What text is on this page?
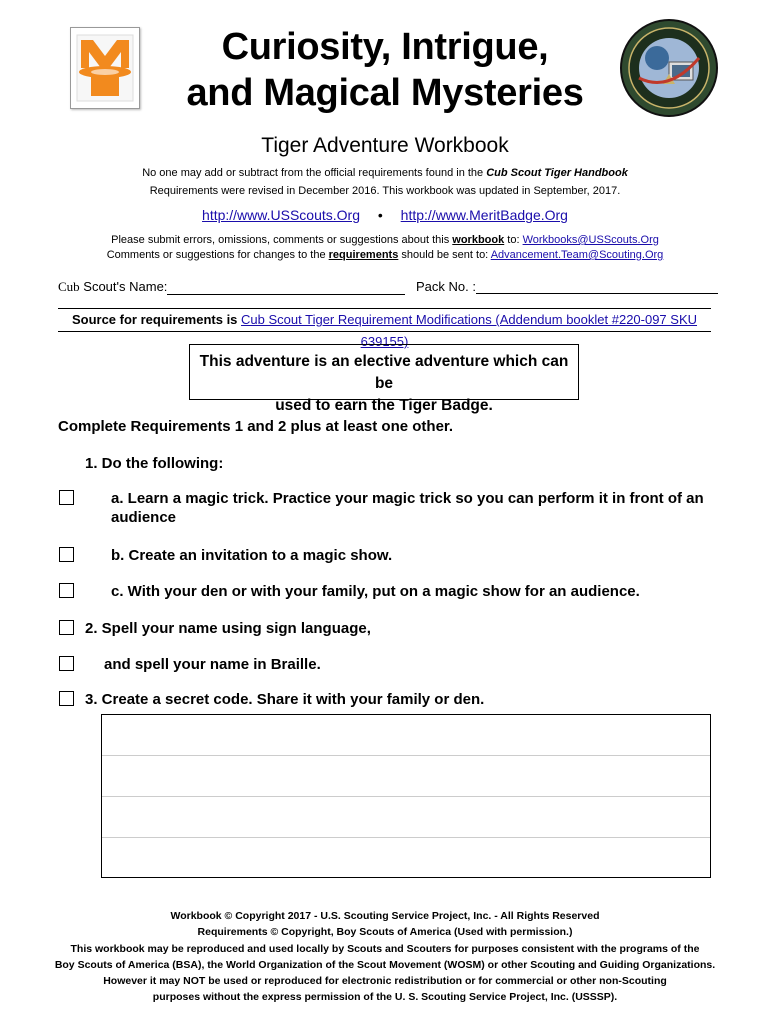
Curiosity, Intrigue,
and Magical Mysteries
Tiger Adventure Workbook
No one may add or subtract from the official requirements found in the Cub Scout Tiger Handbook
Requirements were revised in December 2016. This workbook was updated in September, 2017.
http://www.USScouts.Org • http://www.MeritBadge.Org
Please submit errors, omissions, comments or suggestions about this workbook to: Workbooks@USScouts.Org
Comments or suggestions for changes to the requirements should be sent to: Advancement.Team@Scouting.Org
Cub Scout's Name:	Pack No. :
Source for requirements is Cub Scout Tiger Requirement Modifications (Addendum booklet #220-097 SKU 639155)
This adventure is an elective adventure which can be
used to earn the Tiger Badge.
Complete Requirements 1 and 2 plus at least one other.
1. Do the following:
a. Learn a magic trick. Practice your magic trick so you can perform it in front of an
audience
b. Create an invitation to a magic show.
c. With your den or with your family, put on a magic show for an audience.
2. Spell your name using sign language,
and spell your name in Braille.
3. Create a secret code. Share it with your family or den.
Workbook © Copyright 2017 - U.S. Scouting Service Project, Inc. - All Rights Reserved
Requirements © Copyright, Boy Scouts of America (Used with permission.)
This workbook may be reproduced and used locally by Scouts and Scouters for purposes consistent with the programs of the
Boy Scouts of America (BSA), the World Organization of the Scout Movement (WOSM) or other Scouting and Guiding Organizations.
However it may NOT be used or reproduced for electronic redistribution or for commercial or other non-Scouting
purposes without the express permission of the U. S. Scouting Service Project, Inc. (USSSP).
